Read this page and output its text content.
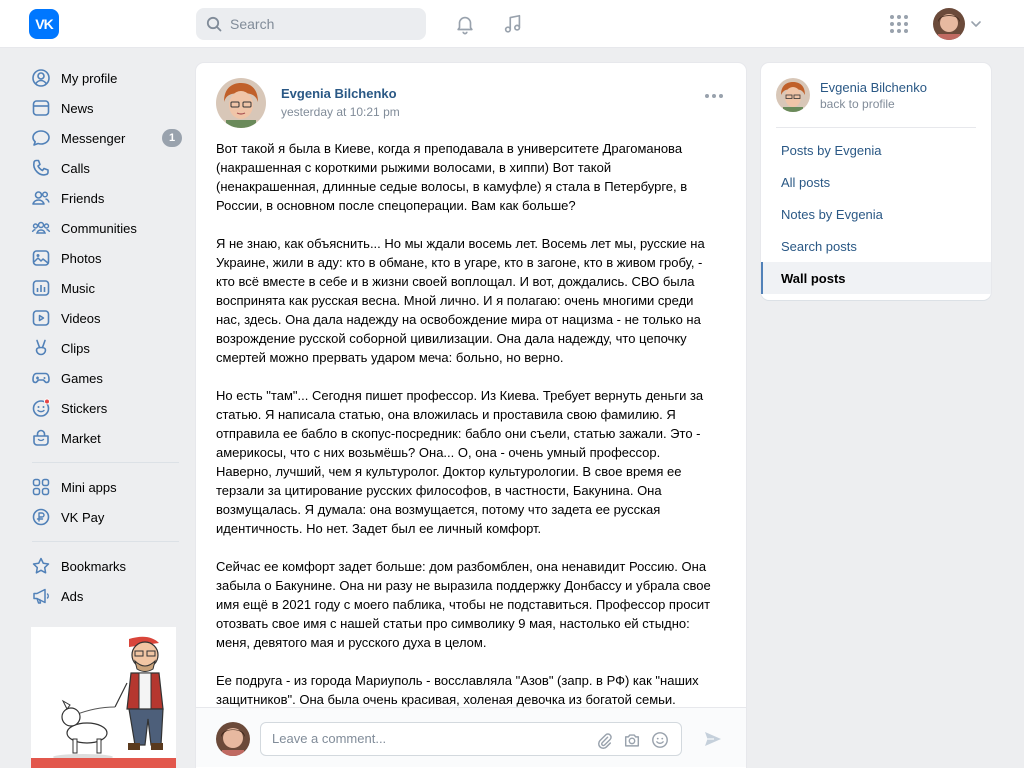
VK
Search
My profile
News
Messenger	1
Calls
Friends
Communities
Photos
Music
Videos
Clips
Games
Stickers
Market
Mini apps
VK Pay
Bookmarks
Ads
Evgenia Bilchenko
yesterday at 10:21 pm

Вот такой я была в Киеве, когда я преподавала в университете Драгоманова (накрашенная с короткими рыжими волосами, в хиппи) Вот такой (ненакрашенная, длинные седые волосы, в камуфле) я стала в Петербурге, в России, в основном после спецоперации. Вам как больше?

Я не знаю, как объяснить... Но мы ждали восемь лет. Восемь лет мы, русские на Украине, жили в аду: кто в обмане, кто в угаре, кто в загоне, кто в живом гробу, - кто всё вместе в себе и в жизни своей воплощал. И вот, дождались. СВО была воспринята как русская весна. Мной лично. И я полагаю: очень многими среди нас, здесь. Она дала надежду на освобождение мира от нацизма - не только на возрождение русской соборной цивилизации. Она дала надежду, что цепочку смертей можно прервать ударом меча: больно, но верно.

Но есть "там"... Сегодня пишет профессор. Из Киева. Требует вернуть деньги за статью. Я написала статью, она вложилась и проставила свою фамилию. Я отправила ее бабло в скопус-посредник: бабло они съели, статью зажали. Это - америкосы, что с них возьмёшь? Она... О, она - очень умный профессор. Наверно, лучший, чем я культуролог. Доктор культурологии. В свое время ее терзали за цитирование русских философов, в частности, Бакунина. Она возмущалась. Я думала: она возмущается, потому что задета ее русская идентичность. Но нет. Задет был ее личный комфорт.

Сейчас ее комфорт задет больше: дом разбомблен, она ненавидит Россию. Она забыла о Бакунине. Она ни разу не выразила поддержку Донбассу и убрала свое имя ещё в 2021 году с моего паблика, чтобы не подставиться. Профессор просит отозвать свое имя с нашей статьи про символику 9 мая, настолько ей стыдно: меня, девятого мая и русского духа в целом.

Ее подруга - из города Мариуполь - восславляла "Азов" (запр. в РФ) как "наших защитников". Она была очень красивая, холеная девочка из богатой семьи.

Leave a comment...
Evgenia Bilchenko
back to profile
Posts by Evgenia
All posts
Notes by Evgenia
Search posts
Wall posts
